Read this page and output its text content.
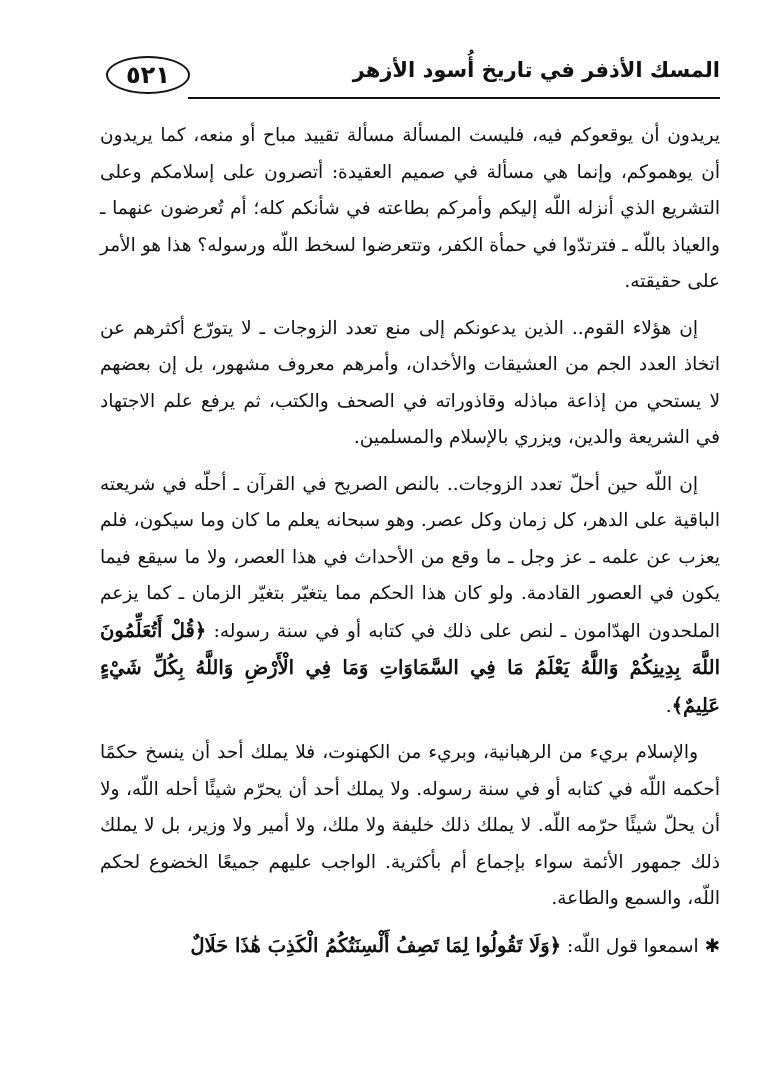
٥٢١	المسك الأذفر في تاريخ أُسود الأزهر

يريدون أن يوقعوكم فيه، فليست المسألة مسألة تقييد مباح أو منعه، كما يريدون أن يوهموكم، وإنما هي مسألة في صميم العقيدة: أتصرون على إسلامكم وعلى التشريع الذي أنزله اللّه إليكم وأمركم بطاعته في شأنكم كله؛ أم تُعرضون عنهما ـ والعياذ باللّه ـ فترتدّوا في حمأة الكفر، وتتعرضوا لسخط اللّه ورسوله؟ هذا هو الأمر على حقيقته.

إن هؤلاء القوم.. الذين يدعونكم إلى منع تعدد الزوجات ـ لا يتورّع أكثرهم عن اتخاذ العدد الجم من العشيقات والأخدان، وأمرهم معروف مشهور، بل إن بعضهم لا يستحي من إذاعة مباذله وقاذوراته في الصحف والكتب، ثم يرفع علم الاجتهاد في الشريعة والدين، ويزري بالإسلام والمسلمين.

إن اللّه حين أحلّ تعدد الزوجات.. بالنص الصريح في القرآن ـ أحلّه في شريعته الباقية على الدهر، كل زمان وكل عصر. وهو سبحانه يعلم ما كان وما سيكون، فلم يعزب عن علمه ـ عز وجل ـ ما وقع من الأحداث في هذا العصر، ولا ما سيقع فيما يكون في العصور القادمة. ولو كان هذا الحكم مما يتغيّر بتغيّر الزمان ـ كما يزعم الملحدون الهدّامون ـ لنص على ذلك في كتابه أو في سنة رسوله: ﴿قُلْ أَتُعَلِّمُونَ اللَّهَ بِدِينِكُمْ وَاللَّهُ يَعْلَمُ مَا فِي السَّمَاوَاتِ وَمَا فِي الْأَرْضِ وَاللَّهُ بِكُلِّ شَيْءٍ عَلِيمٌ﴾.

والإسلام بريء من الرهبانية، وبريء من الكهنوت، فلا يملك أحد أن ينسخ حكمًا أحكمه اللّه في كتابه أو في سنة رسوله. ولا يملك أحد أن يحرّم شيئًا أحله اللّه، ولا أن يحلّ شيئًا حرّمه اللّه. لا يملك ذلك خليفة ولا ملك، ولا أمير ولا وزير، بل لا يملك ذلك جمهور الأئمة سواء بإجماع أم بأكثرية. الواجب عليهم جميعًا الخضوع لحكم اللّه، والسمع والطاعة.

✱ اسمعوا قول اللّه: ﴿وَلَا تَقُولُوا لِمَا تَصِفُ أَلْسِنَتُكُمُ الْكَذِبَ هَٰذَا حَلَالٌ
